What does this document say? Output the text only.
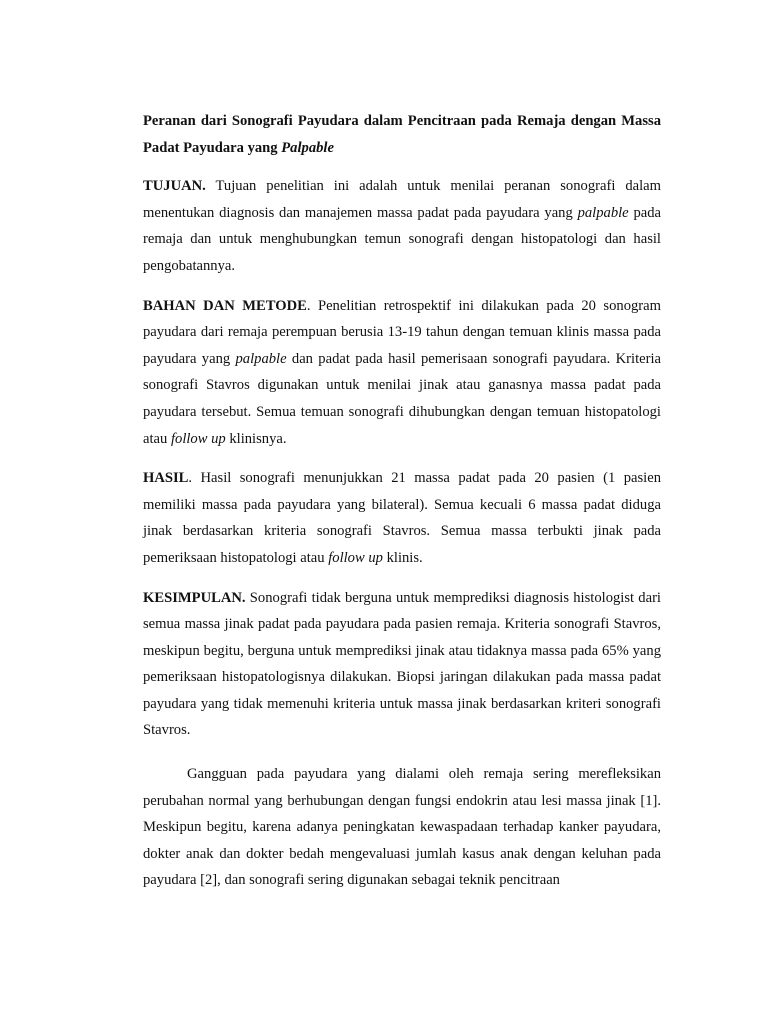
Peranan dari Sonografi Payudara dalam Pencitraan pada Remaja dengan Massa Padat Payudara yang Palpable

TUJUAN. Tujuan penelitian ini adalah untuk menilai peranan sonografi dalam menentukan diagnosis dan manajemen massa padat pada payudara yang palpable pada remaja dan untuk menghubungkan temun sonografi dengan histopatologi dan hasil pengobatannya.

BAHAN DAN METODE. Penelitian retrospektif ini dilakukan pada 20 sonogram payudara dari remaja perempuan berusia 13-19 tahun dengan temuan klinis massa pada payudara yang palpable dan padat pada hasil pemerisaan sonografi payudara. Kriteria sonografi Stavros digunakan untuk menilai jinak atau ganasnya massa padat pada payudara tersebut. Semua temuan sonografi dihubungkan dengan temuan histopatologi atau follow up klinisnya.

HASIL. Hasil sonografi menunjukkan 21 massa padat pada 20 pasien (1 pasien memiliki massa pada payudara yang bilateral). Semua kecuali 6 massa padat diduga jinak berdasarkan kriteria sonografi Stavros. Semua massa terbukti jinak pada pemeriksaan histopatologi atau follow up klinis.

KESIMPULAN. Sonografi tidak berguna untuk memprediksi diagnosis histologist dari semua massa jinak padat pada payudara pada pasien remaja. Kriteria sonografi Stavros, meskipun begitu, berguna untuk memprediksi jinak atau tidaknya massa pada 65% yang pemeriksaan histopatologisnya dilakukan. Biopsi jaringan dilakukan pada massa padat payudara yang tidak memenuhi kriteria untuk massa jinak berdasarkan kriteri sonografi Stavros.

Gangguan pada payudara yang dialami oleh remaja sering merefleksikan perubahan normal yang berhubungan dengan fungsi endokrin atau lesi massa jinak [1]. Meskipun begitu, karena adanya peningkatan kewaspadaan terhadap kanker payudara, dokter anak dan dokter bedah mengevaluasi jumlah kasus anak dengan keluhan pada payudara [2], dan sonografi sering digunakan sebagai teknik pencitraan
